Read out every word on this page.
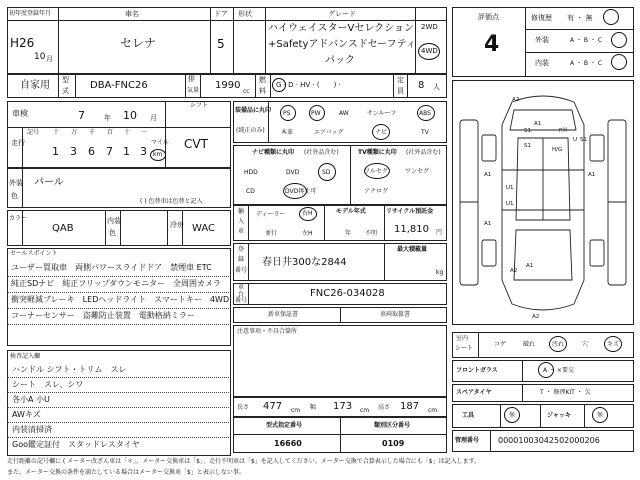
初年度登録年月
H26
10 月
車名
セレナ
ドア
5
形状	グレード
ハイウェイスターVセレクション
+Safetyアドバンスドセーフティ
パック
2WD
4WD
自家用 型
式 DBA-FNC26
排
気量 1990
cc
燃
料
G · D · HV · (　　) ·
定
員 8 人
車検	7	年 10 月
シフト
CVT
走行
記号 十 万 千 百 十 一
1 3 6 7 1 3
マイル
km
外装
色
パール
( ) 色替車は色替と記入
カラー
QAB
内装
色
冷房 WAC
セールスポイント
ユーザー買取車　両側パワースライドドア　禁煙車 ETC
純正SDナビ　純正フリップダウンモニター　全周囲カメラ
衝突軽減ブレーキ　LEDヘッドライト　スマートキー　4WD
コーナーセンサー　盗難防止装置　電動格納ミラー
検査記入欄
ハンドル シフト・トリム　スレ
シート　スレ、シワ
各小A 小U
AWキズ
内装清掃済
Goo鑑定証付　スタッドレスタイヤ
装備品に丸印
(純正のみ)
PS	PW	AW	サンルーフ	ABS
本革	エアバッグ	ナビ	TV
ナビ種類に丸印 (社外品含む)
HDD	DVD	SD
CD	DVD再生可
TV種類に丸印 (社外品含む)
フルセグ	ワンセグ
アナログ
輸
入
車
ディーラー	右H
並行	左H
モデル年式
年 不明
リサイクル預託金
11,810 円
登
録
番号
春日井300な2844
最大積載量
kg
車
台
番号
FNC26-034028
新車保証書	車両取扱書
注意事項・不具合箇所
長さ 477 cm 幅 173 cm 高さ 187 cm
型式指定番号
16660
類別区分番号
0109
評価点
4
修復歴 有 ・ 無
外装	A ・ B ・ C
内装	A ・ B ・ C
A2
A1
S1	P外
S1
U
S1
H/G
A1
U1
A1
U1
A1
A2
A1
A2
室内
シート
コゲ	破れ	汚れ	穴	キズ
フロントガラス	A ・ ×要交
スペアタイヤ	T ・ 修理KIT ・ 欠
工具	無	ジャッキ	無
管理番号 00001003042502000206
走行距離の記号欄に ( メーター改ざん車は「＊」、メーター交換車は「$」、走行不明車は「$」を記入してください。メーター交換で合算表示した場合にも「$」は記入します。
また、メーター交換の条件を満たしている場合はメーター交換車「$」と表示しない事。
